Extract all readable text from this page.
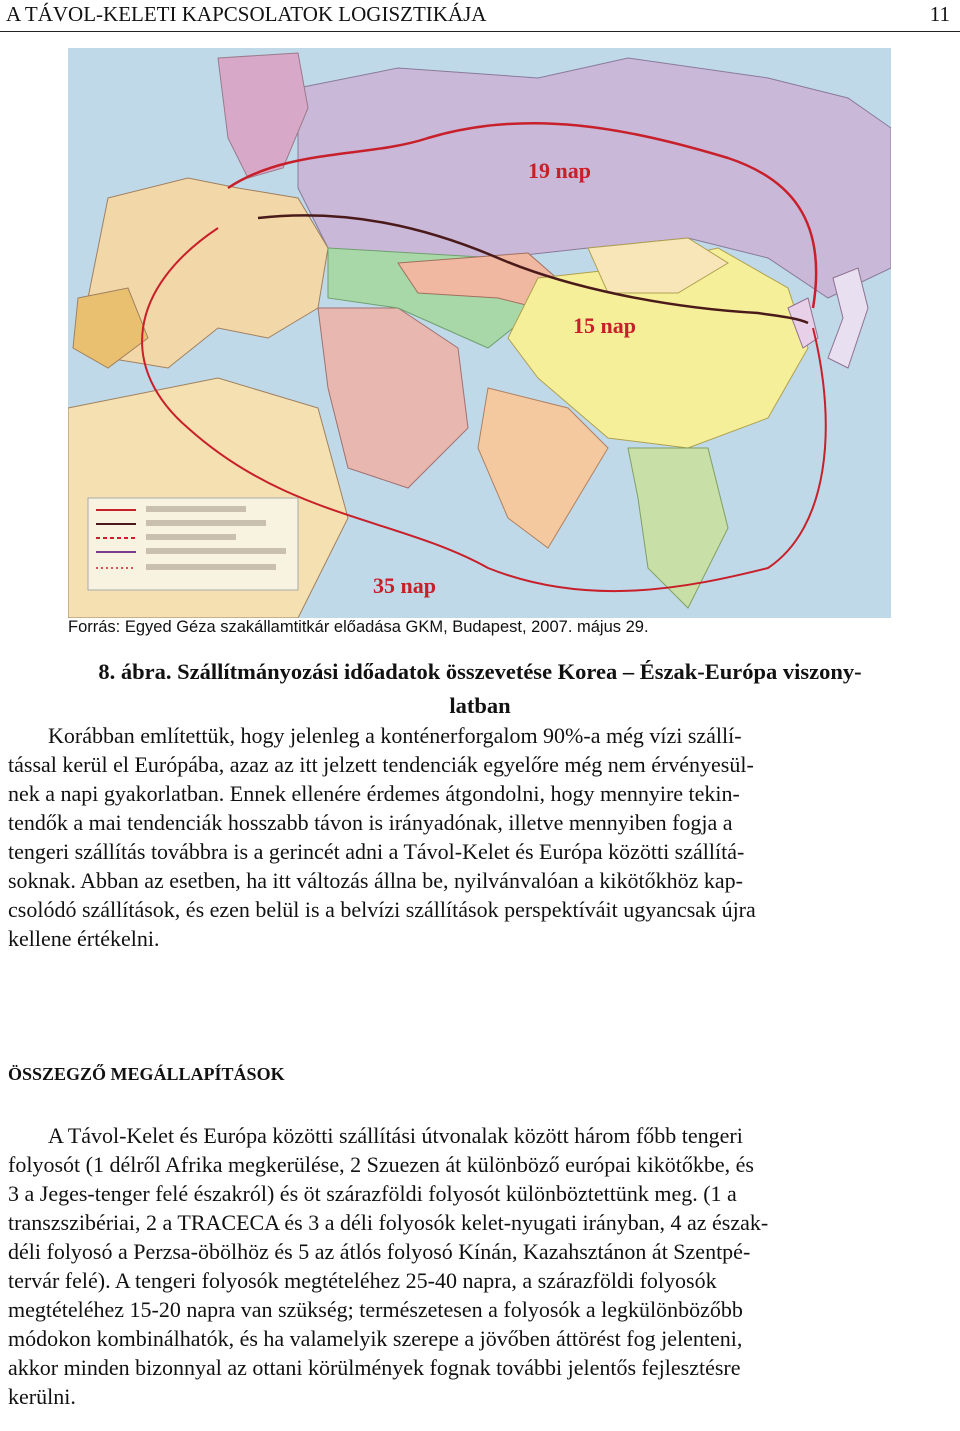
A TÁVOL-KELETI KAPCSOLATOK LOGISZTIKÁJA	11
19 nap
15 nap
35 nap
Forrás: Egyed Géza szakállamtitkár előadása GKM, Budapest, 2007. május 29.
8. ábra. Szállítmányozási időadatok összevetése Korea – Észak-Európa viszony-
latban
Korábban említettük, hogy jelenleg a konténerforgalom 90%-a még vízi szállí-
tással kerül el Európába, azaz az itt jelzett tendenciák egyelőre még nem érvényesül-
nek a napi gyakorlatban. Ennek ellenére érdemes átgondolni, hogy mennyire tekin-
tendők a mai tendenciák hosszabb távon is irányadónak, illetve mennyiben fogja a
tengeri szállítás továbbra is a gerincét adni a Távol-Kelet és Európa közötti szállítá-
soknak. Abban az esetben, ha itt változás állna be, nyilvánvalóan a kikötőkhöz kap-
csolódó szállítások, és ezen belül is a belvízi szállítások perspektíváit ugyancsak újra
kellene értékelni.
ÖSSZEGZŐ MEGÁLLAPÍTÁSOK
A Távol-Kelet és Európa közötti szállítási útvonalak között három főbb tengeri
folyosót (1 délről Afrika megkerülése, 2 Szuezen át különböző európai kikötőkbe, és
3 a Jeges-tenger felé északról) és öt szárazföldi folyosót különböztettünk meg. (1 a
transzszibériai, 2 a TRACECA és 3 a déli folyosók kelet-nyugati irányban, 4 az észak-
déli folyosó a Perzsa-öbölhöz és 5 az átlós folyosó Kínán, Kazahsztánon át Szentpé-
tervár felé). A tengeri folyosók megtételéhez 25-40 napra, a szárazföldi folyosók
megtételéhez 15-20 napra van szükség; természetesen a folyosók a legkülönbözőbb
módokon kombinálhatók, és ha valamelyik szerepe a jövőben áttörést fog jelenteni,
akkor minden bizonnyal az ottani körülmények fognak további jelentős fejlesztésre
kerülni.
